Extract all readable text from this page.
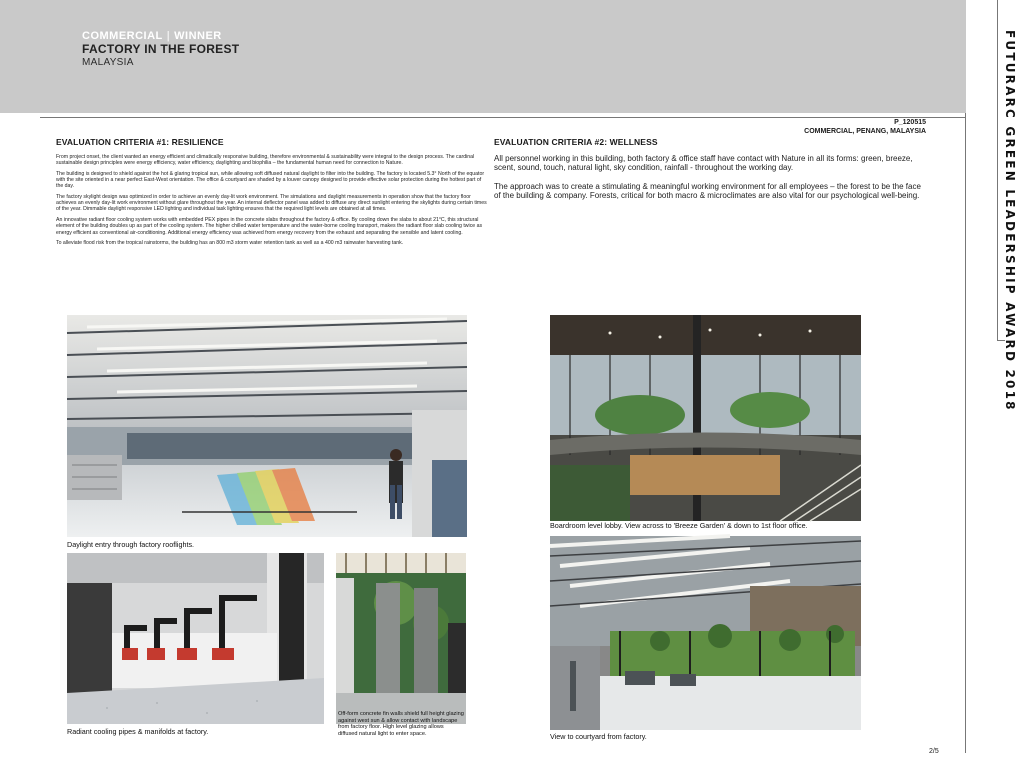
COMMERCIAL | WINNER
FACTORY IN THE FOREST
MALAYSIA	FUTURARC GREEN LEADERSHIP AWARD 2018
P_120515
COMMERCIAL, PENANG, MALAYSIA
EVALUATION CRITERIA #1: RESILIENCE

From project onset, the client wanted an energy efficient and climatically responsive building, therefore environmental & sustainability were integral to the design process. The cardinal sustainable design principles were energy efficiency, water efficiency, daylighting and biophilia – the fundamental human need for connection to Nature.

The building is designed to shield against the hot & glaring tropical sun, while allowing soft diffused natural daylight to filter into the building. The factory is located 5.3° North of the equator with the site oriented in a near perfect East-West orientation. The office & courtyard are shaded by a louver canopy designed to provide effective solar protection during the hottest part of the day.

The factory skylight design was optimized in order to achieve an evenly day-lit work environment. The simulations and daylight measurements in operation show that the factory floor achieves an evenly day-lit work environment without glare throughout the year. An internal deflector panel was added to diffuse any direct sunlight entering the skylights during certain times of the year. Dimmable daylight responsive LED lighting and individual task lighting ensures that the required light levels are obtained at all times.

An innovative radiant floor cooling system works with embedded PEX pipes in the concrete slabs throughout the factory & office. By cooling down the slabs to about 21°C, this structural element of the building doubles up as part of the cooling system. The higher chilled water temperature and the water-borne cooling transport, makes the radiant floor slab cooling twice as energy efficient as conventional air-conditioning. Additional energy efficiency was achieved from energy recovery from the exhaust and separating the sensible and latent cooling.

To alleviate flood risk from the tropical rainstorms, the building has an 800 m3 storm water retention tank as well as a 400 m3 rainwater harvesting tank.

EVALUATION CRITERIA #2: WELLNESS

All personnel working in this building, both factory & office staff have contact with Nature in all its forms: green, breeze, scent, sound, touch, natural light, sky condition, rainfall - throughout the working day.

The approach was to create a stimulating & meaningful working environment for all employees – the forest to be the face of the building & company. Forests, critical for both macro & microclimates are also vital for our psychological well-being.

Daylight entry through factory rooflights.
Radiant cooling pipes & manifolds at factory.
Off-form concrete fin walls shield full height glazing against west sun & allow contact with landscape from factory floor. High level glazing allows diffused natural light to enter space.
Boardroom level lobby. View across to 'Breeze Garden' & down to 1st floor office.
View to courtyard from factory.
2/5
